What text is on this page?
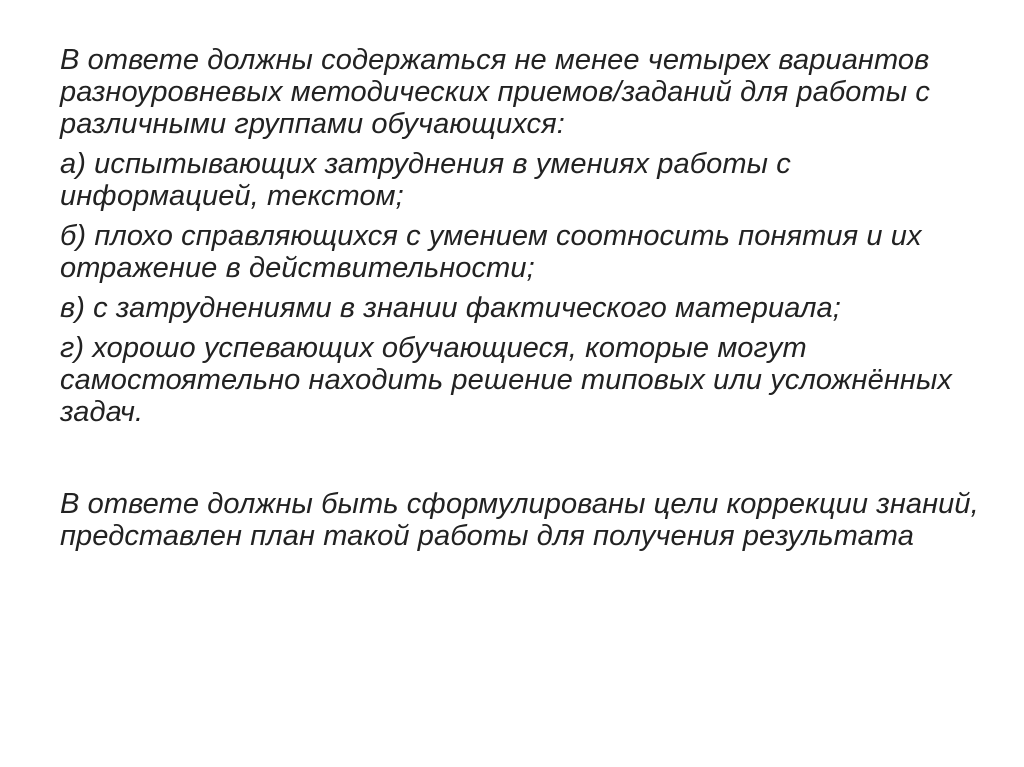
В ответе должны содержаться не менее четырех вариантов разноуровневых методических приемов/заданий для работы с различными группами обучающихся:

а) испытывающих затруднения в умениях работы с информацией, текстом;

б) плохо справляющихся с умением соотносить понятия и их отражение в действительности;

в) с затруднениями в знании фактического материала;

г) хорошо успевающих обучающиеся, которые могут самостоятельно находить решение типовых или усложнённых задач.

В ответе должны быть сформулированы цели коррекции знаний, представлен план такой работы для получения результата
